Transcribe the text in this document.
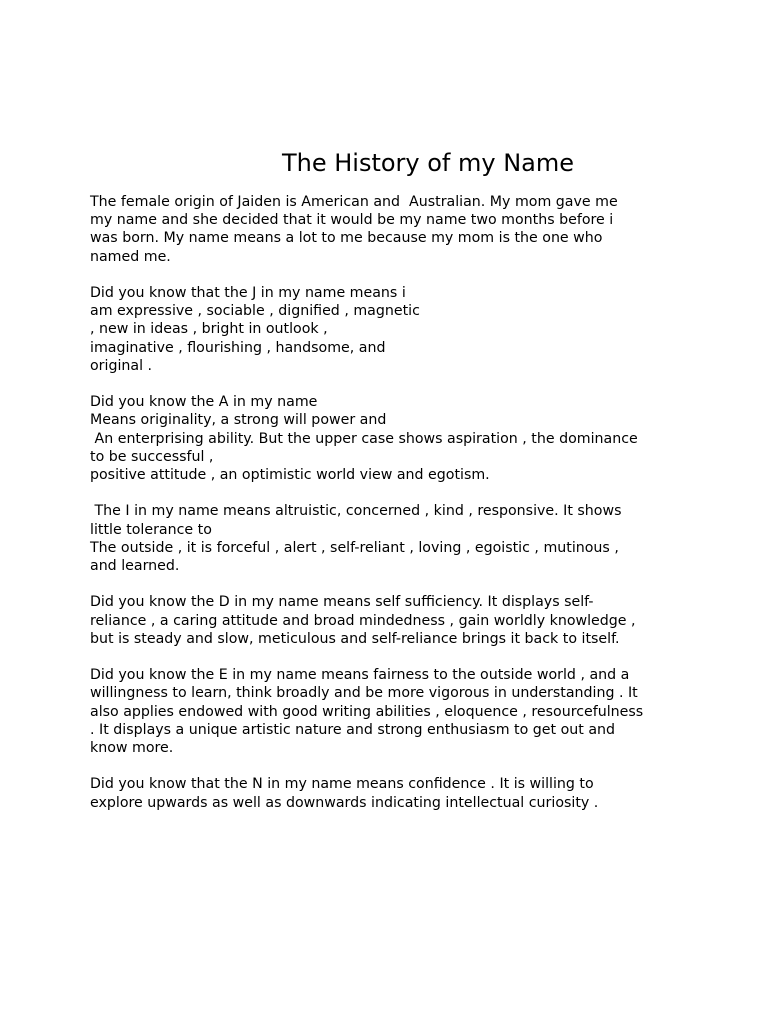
The History of my Name
The female origin of Jaiden is American and  Australian. My mom gave me
my name and she decided that it would be my name two months before i
was born. My name means a lot to me because my mom is the one who
named me.
Did you know that the J in my name means i
am expressive , sociable , dignified , magnetic
, new in ideas , bright in outlook ,
imaginative , flourishing , handsome, and
original .
Did you know the A in my name
Means originality, a strong will power and
An enterprising ability. But the upper case shows aspiration , the dominance
to be successful ,
positive attitude , an optimistic world view and egotism.
The I in my name means altruistic, concerned , kind , responsive. It shows
little tolerance to
The outside , it is forceful , alert , self-reliant , loving , egoistic , mutinous ,
and learned.
Did you know the D in my name means self sufficiency. It displays self-
reliance , a caring attitude and broad mindedness , gain worldly knowledge ,
but is steady and slow, meticulous and self-reliance brings it back to itself.
Did you know the E in my name means fairness to the outside world , and a
willingness to learn, think broadly and be more vigorous in understanding . It
also applies endowed with good writing abilities , eloquence , resourcefulness
. It displays a unique artistic nature and strong enthusiasm to get out and
know more.
Did you know that the N in my name means confidence . It is willing to
explore upwards as well as downwards indicating intellectual curiosity .
